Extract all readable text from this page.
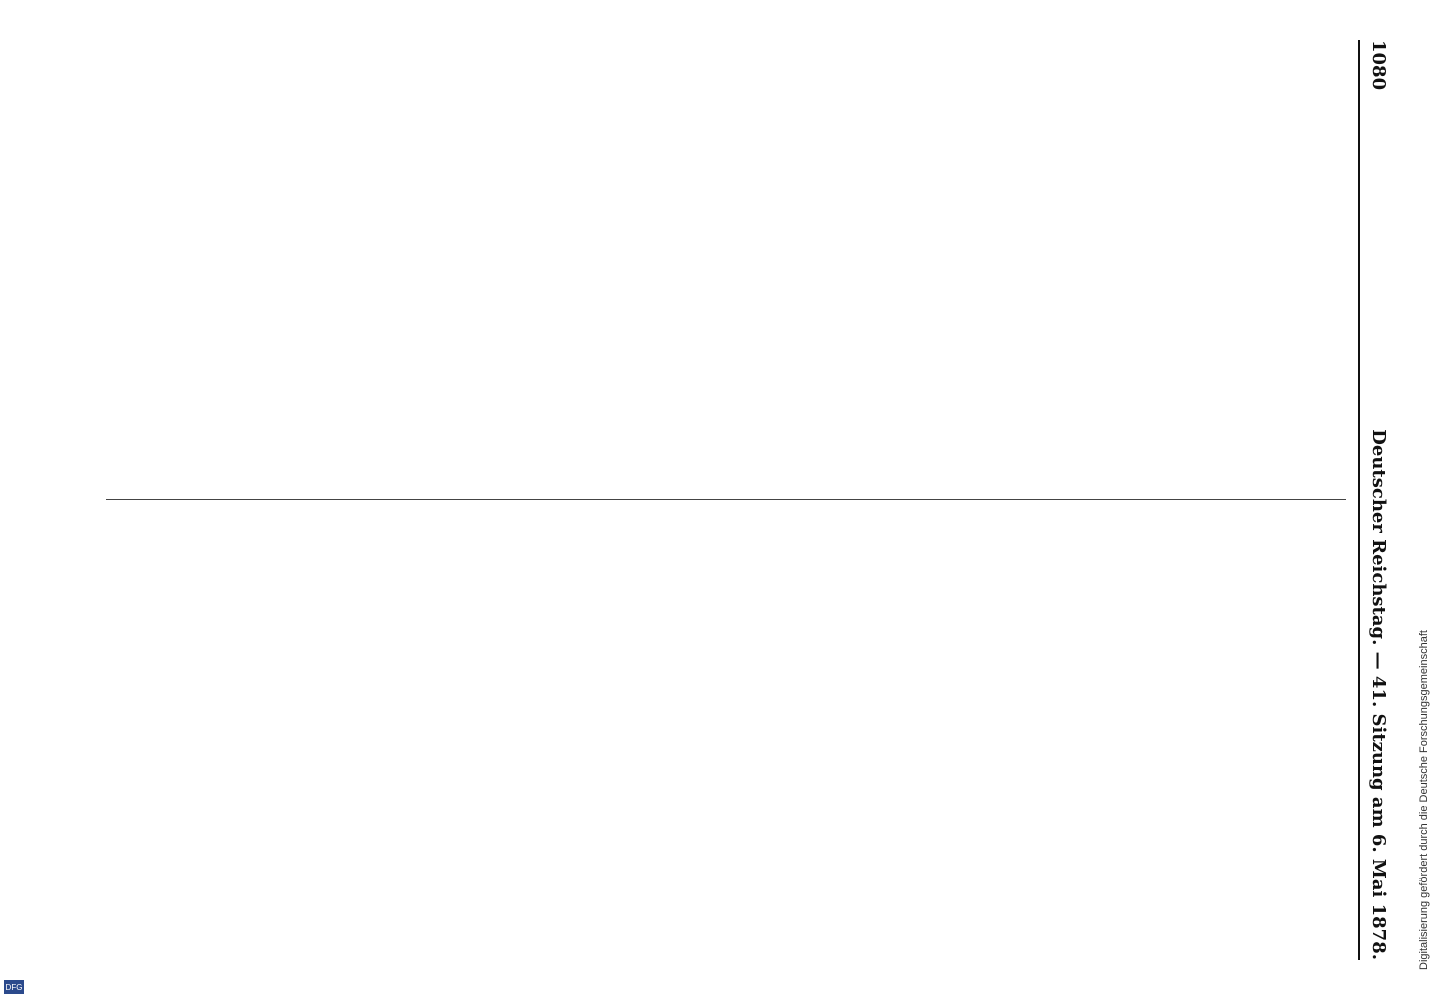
1080
Deutscher Reichstag. — 41. Sitzung am 6. Mai 1878.	Digitalisierung gefördert durch die Deutsche Forschungsgemeinschaft
DFG
